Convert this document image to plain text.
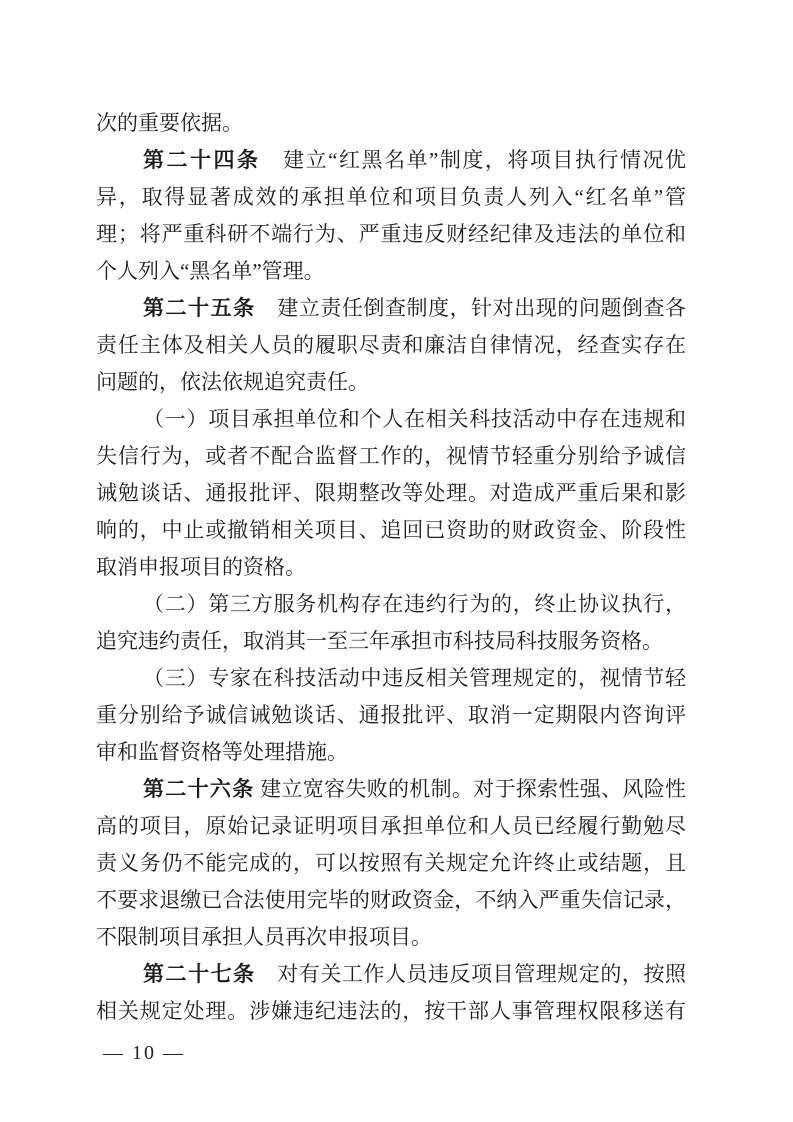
次的重要依据。
第二十四条　建立“红黑名单”制度，将项目执行情况优
异，取得显著成效的承担单位和项目负责人列入“红名单”管
理；将严重科研不端行为、严重违反财经纪律及违法的单位和
个人列入“黑名单”管理。
第二十五条　建立责任倒查制度，针对出现的问题倒查各
责任主体及相关人员的履职尽责和廉洁自律情况，经查实存在
问题的，依法依规追究责任。
（一）项目承担单位和个人在相关科技活动中存在违规和
失信行为，或者不配合监督工作的，视情节轻重分别给予诚信
诫勉谈话、通报批评、限期整改等处理。对造成严重后果和影
响的，中止或撤销相关项目、追回已资助的财政资金、阶段性
取消申报项目的资格。
（二）第三方服务机构存在违约行为的，终止协议执行，
追究违约责任，取消其一至三年承担市科技局科技服务资格。
（三）专家在科技活动中违反相关管理规定的，视情节轻
重分别给予诚信诫勉谈话、通报批评、取消一定期限内咨询评
审和监督资格等处理措施。
第二十六条 建立宽容失败的机制。对于探索性强、风险性
高的项目，原始记录证明项目承担单位和人员已经履行勤勉尽
责义务仍不能完成的，可以按照有关规定允许终止或结题，且
不要求退缴已合法使用完毕的财政资金，不纳入严重失信记录，
不限制项目承担人员再次申报项目。
第二十七条　对有关工作人员违反项目管理规定的，按照
相关规定处理。涉嫌违纪违法的，按干部人事管理权限移送有
— 10 —
